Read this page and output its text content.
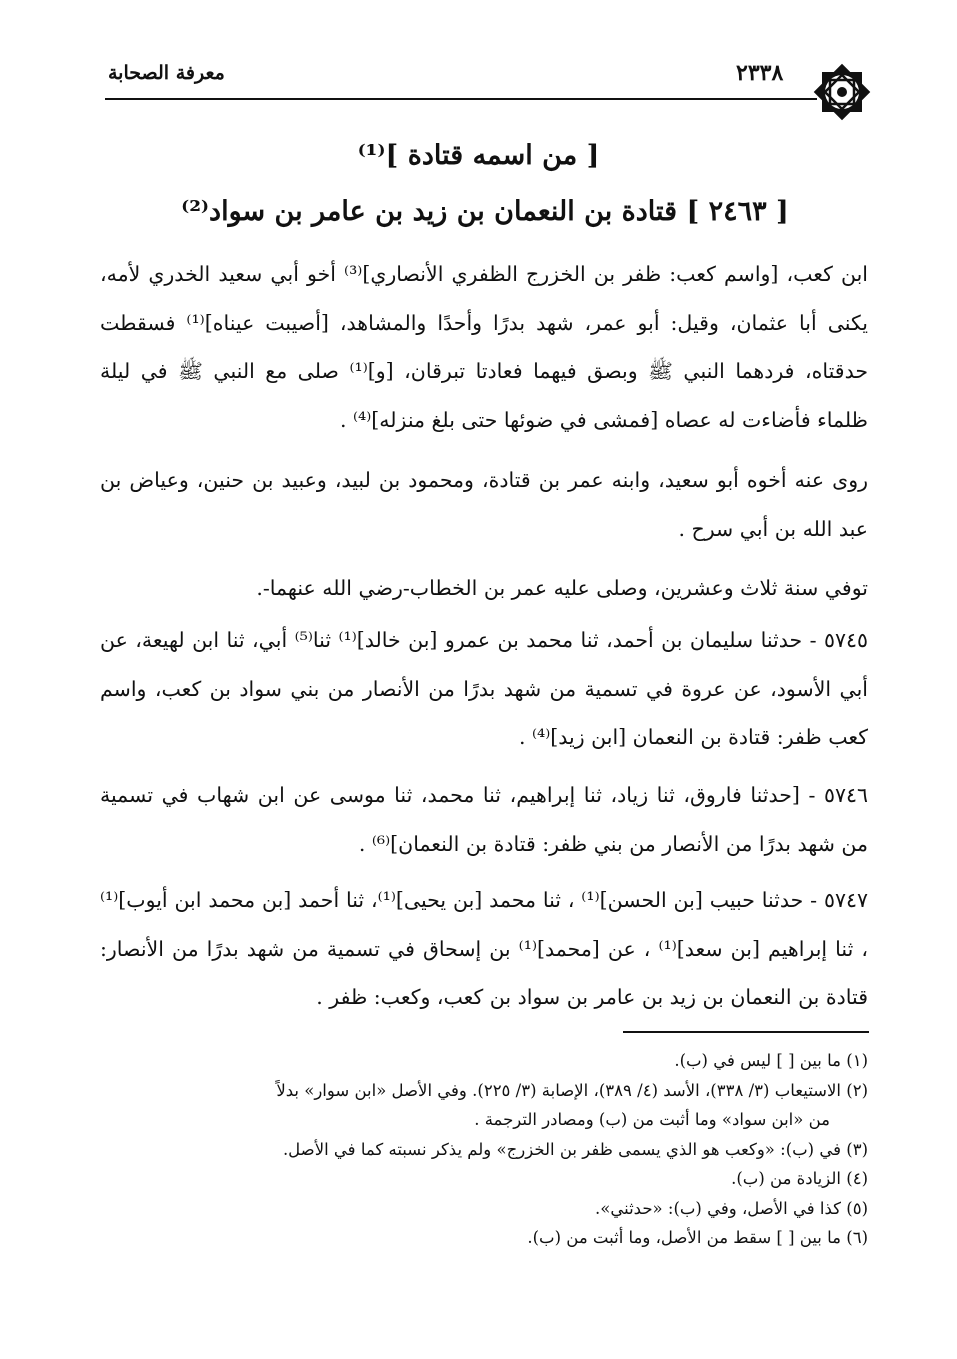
معرفة الصحابة	٢٣٣٨
[ من اسمه قتادة ]⁽¹⁾
[ ٢٤٦٣ ] قتادة بن النعمان بن زيد بن عامر بن سواد⁽²⁾

ابن كعب، [واسم كعب: ظفر بن الخزرج الظفري الأنصاري]⁽³⁾ أخو أبي سعيد الخدري لأمه، يكنى أبا عثمان، وقيل: أبو عمر، شهد بدرًا وأحدًا والمشاهد، [أصيبت عيناه]⁽¹⁾ فسقطت حدقتاه، فردهما النبي ﷺ وبصق فيهما فعادتا تبرقان، [و]⁽¹⁾ صلى مع النبي ﷺ في ليلة ظلماء فأضاءت له عصاه [فمشى في ضوئها حتى بلغ منزله]⁽⁴⁾ .

روى عنه أخوه أبو سعيد، وابنه عمر بن قتادة، ومحمود بن لبيد، وعبيد بن حنين، وعياض بن عبد الله بن أبي سرح .

توفي سنة ثلاث وعشرين، وصلى عليه عمر بن الخطاب-رضي الله عنهما-.

٥٧٤٥ - حدثنا سليمان بن أحمد، ثنا محمد بن عمرو [بن خالد]⁽¹⁾ ثنا⁽⁵⁾ أبي، ثنا ابن لهيعة، عن أبي الأسود، عن عروة في تسمية من شهد بدرًا من الأنصار من بني سواد بن كعب، واسم كعب ظفر: قتادة بن النعمان [ابن زيد]⁽⁴⁾ .

٥٧٤٦ - [حدثنا فاروق، ثنا زياد، ثنا إبراهيم، ثنا محمد، ثنا موسى عن ابن شهاب في تسمية من شهد بدرًا من الأنصار من بني ظفر: قتادة بن النعمان]⁽⁶⁾ .

٥٧٤٧ - حدثنا حبيب [بن الحسن]⁽¹⁾ ، ثنا محمد [بن يحيى]⁽¹⁾، ثنا أحمد [بن محمد ابن أيوب]⁽¹⁾ ، ثنا إبراهيم [بن سعد]⁽¹⁾ ، عن [محمد]⁽¹⁾ بن إسحاق في تسمية من شهد بدرًا من الأنصار: قتادة بن النعمان بن زيد بن عامر بن سواد بن كعب، وكعب: ظفر .

(١) ما بين [ ] ليس في (ب).
(٢) الاستيعاب (٣/ ٣٣٨)، الأسد (٤/ ٣٨٩)، الإصابة (٣/ ٢٢٥). وفي الأصل «ابن سوار» بدلاً
من «ابن سواد» وما أثبت من (ب) ومصادر الترجمة .
(٣) في (ب): «وكعب هو الذي يسمى ظفر بن الخزرج» ولم يذكر نسبته كما في الأصل.
(٤) الزيادة من (ب).
(٥) كذا في الأصل، وفي (ب): «حدثني».
(٦) ما بين [ ] سقط من الأصل، وما أثبت من (ب).
